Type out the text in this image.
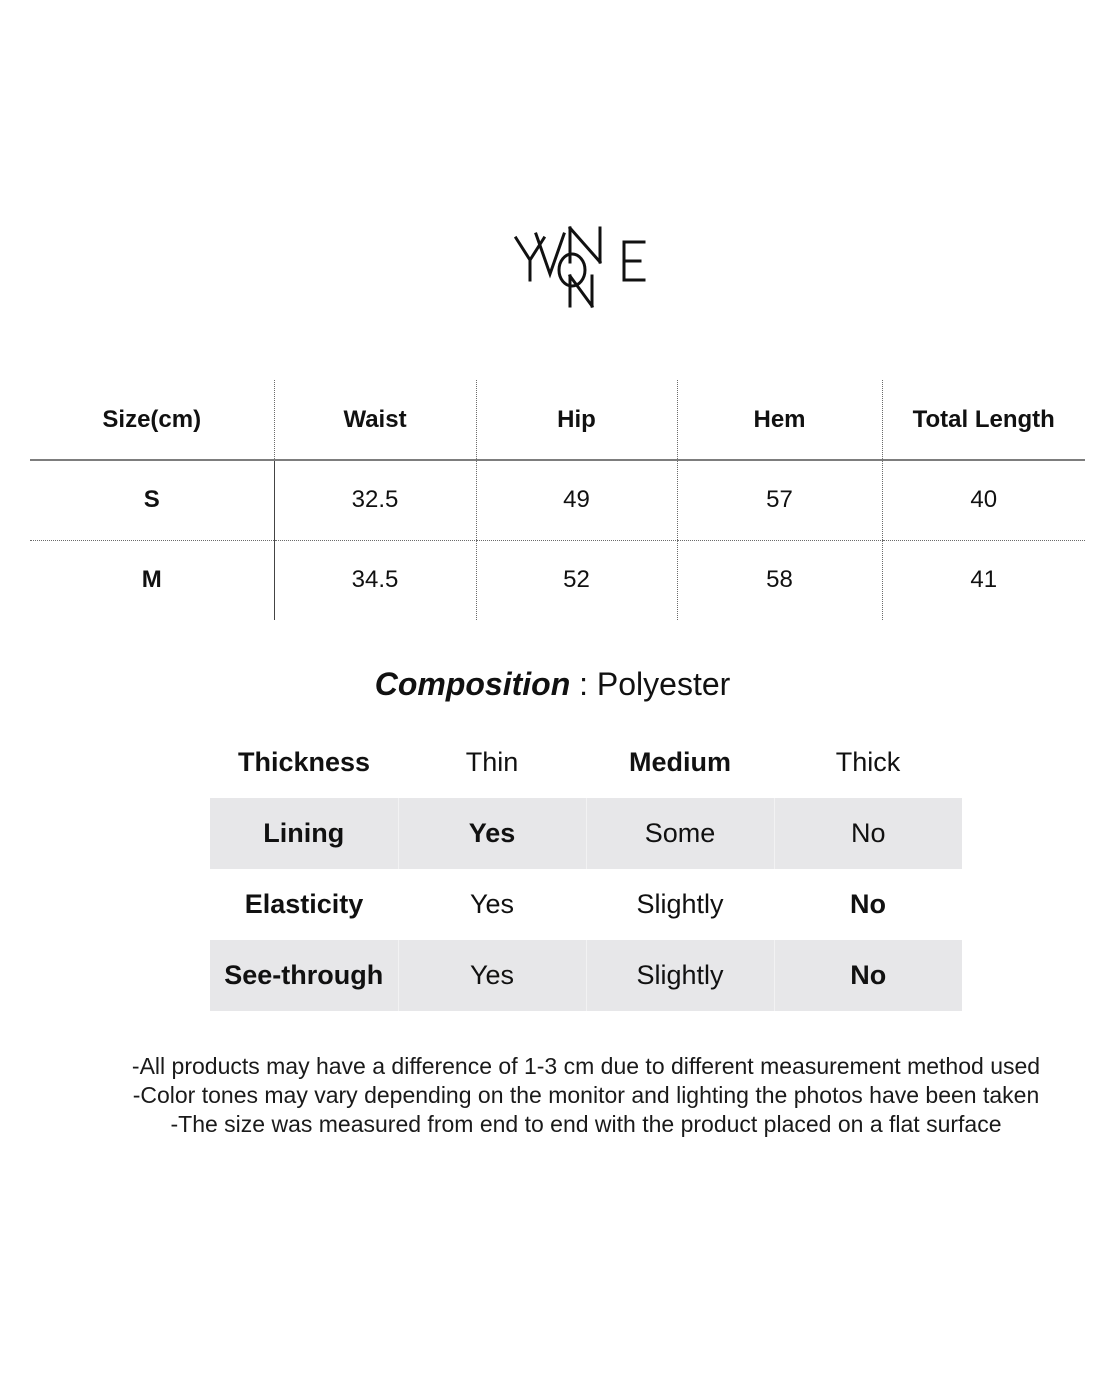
Size(cm)	Waist	Hip	Hem	Total Length
S	32.5	49	57	40
M	34.5	52	58	41
Composition : Polyester
Thickness	Thin	Medium	Thick
Lining	Yes	Some	No
Elasticity	Yes	Slightly	No
See-through	Yes	Slightly	No
-All products may have a difference of 1-3 cm due to different measurement method used
-Color tones may vary depending on the monitor and lighting the photos have been taken
-The size was measured from end to end with the product placed on a flat surface
